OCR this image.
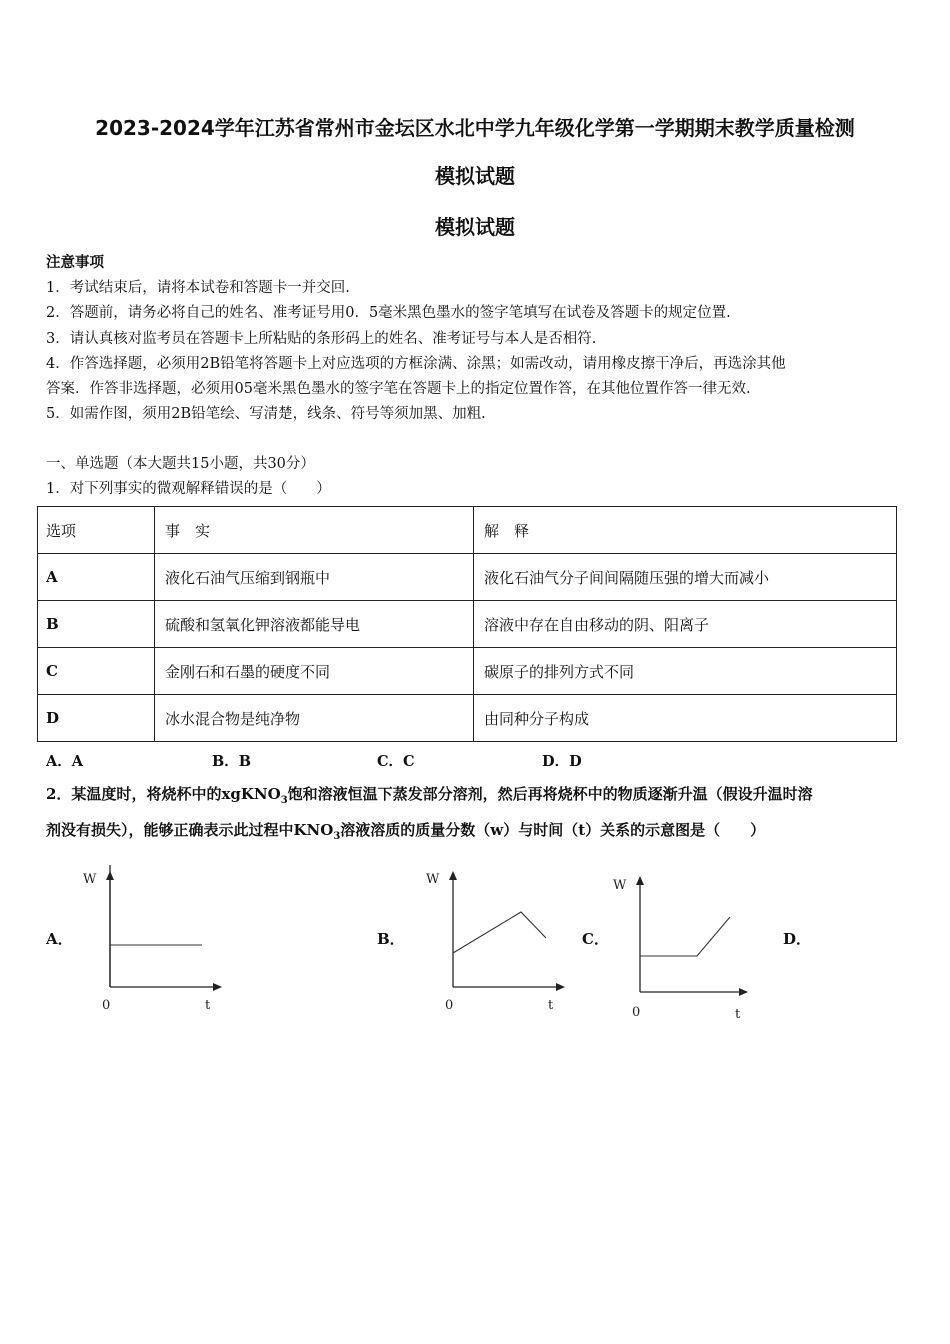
2023-2024学年江苏省常州市金坛区水北中学九年级化学第一学期期末教学质量检测
模拟试题
模拟试题
注意事项
1．考试结束后，请将本试卷和答题卡一并交回.
2．答题前，请务必将自己的姓名、准考证号用0．5毫米黑色墨水的签字笔填写在试卷及答题卡的规定位置.
3．请认真核对监考员在答题卡上所粘贴的条形码上的姓名、准考证号与本人是否相符.
4．作答选择题，必须用2B铅笔将答题卡上对应选项的方框涂满、涂黑；如需改动，请用橡皮擦干净后，再选涂其他
答案．作答非选择题，必须用05毫米黑色墨水的签字笔在答题卡上的指定位置作答，在其他位置作答一律无效.
5．如需作图，须用2B铅笔绘、写清楚，线条、符号等须加黑、加粗.
一、单选题（本大题共15小题，共30分）
1．对下列事实的微观解释错误的是（　　）
选项	事　实	解　释
A	液化石油气压缩到钢瓶中	液化石油气分子间间隔随压强的增大而减小
B	硫酸和氢氧化钾溶液都能导电	溶液中存在自由移动的阴、阳离子
C	金刚石和石墨的硬度不同	碳原子的排列方式不同
D	冰水混合物是纯净物	由同种分子构成
A．A	B．B	C．C	D．D
2．某温度时，将烧杯中的xgKNO$_3$饱和溶液恒温下蒸发部分溶剂，然后再将烧杯中的物质逐渐升温（假设升温时溶
剂没有损失），能够正确表示此过程中$KNO_3$溶液溶质的质量分数（w）与时间（t）关系的示意图是（　　）
A．	B．	C．	D．
W
0	t
W
0	t
W
0	t
